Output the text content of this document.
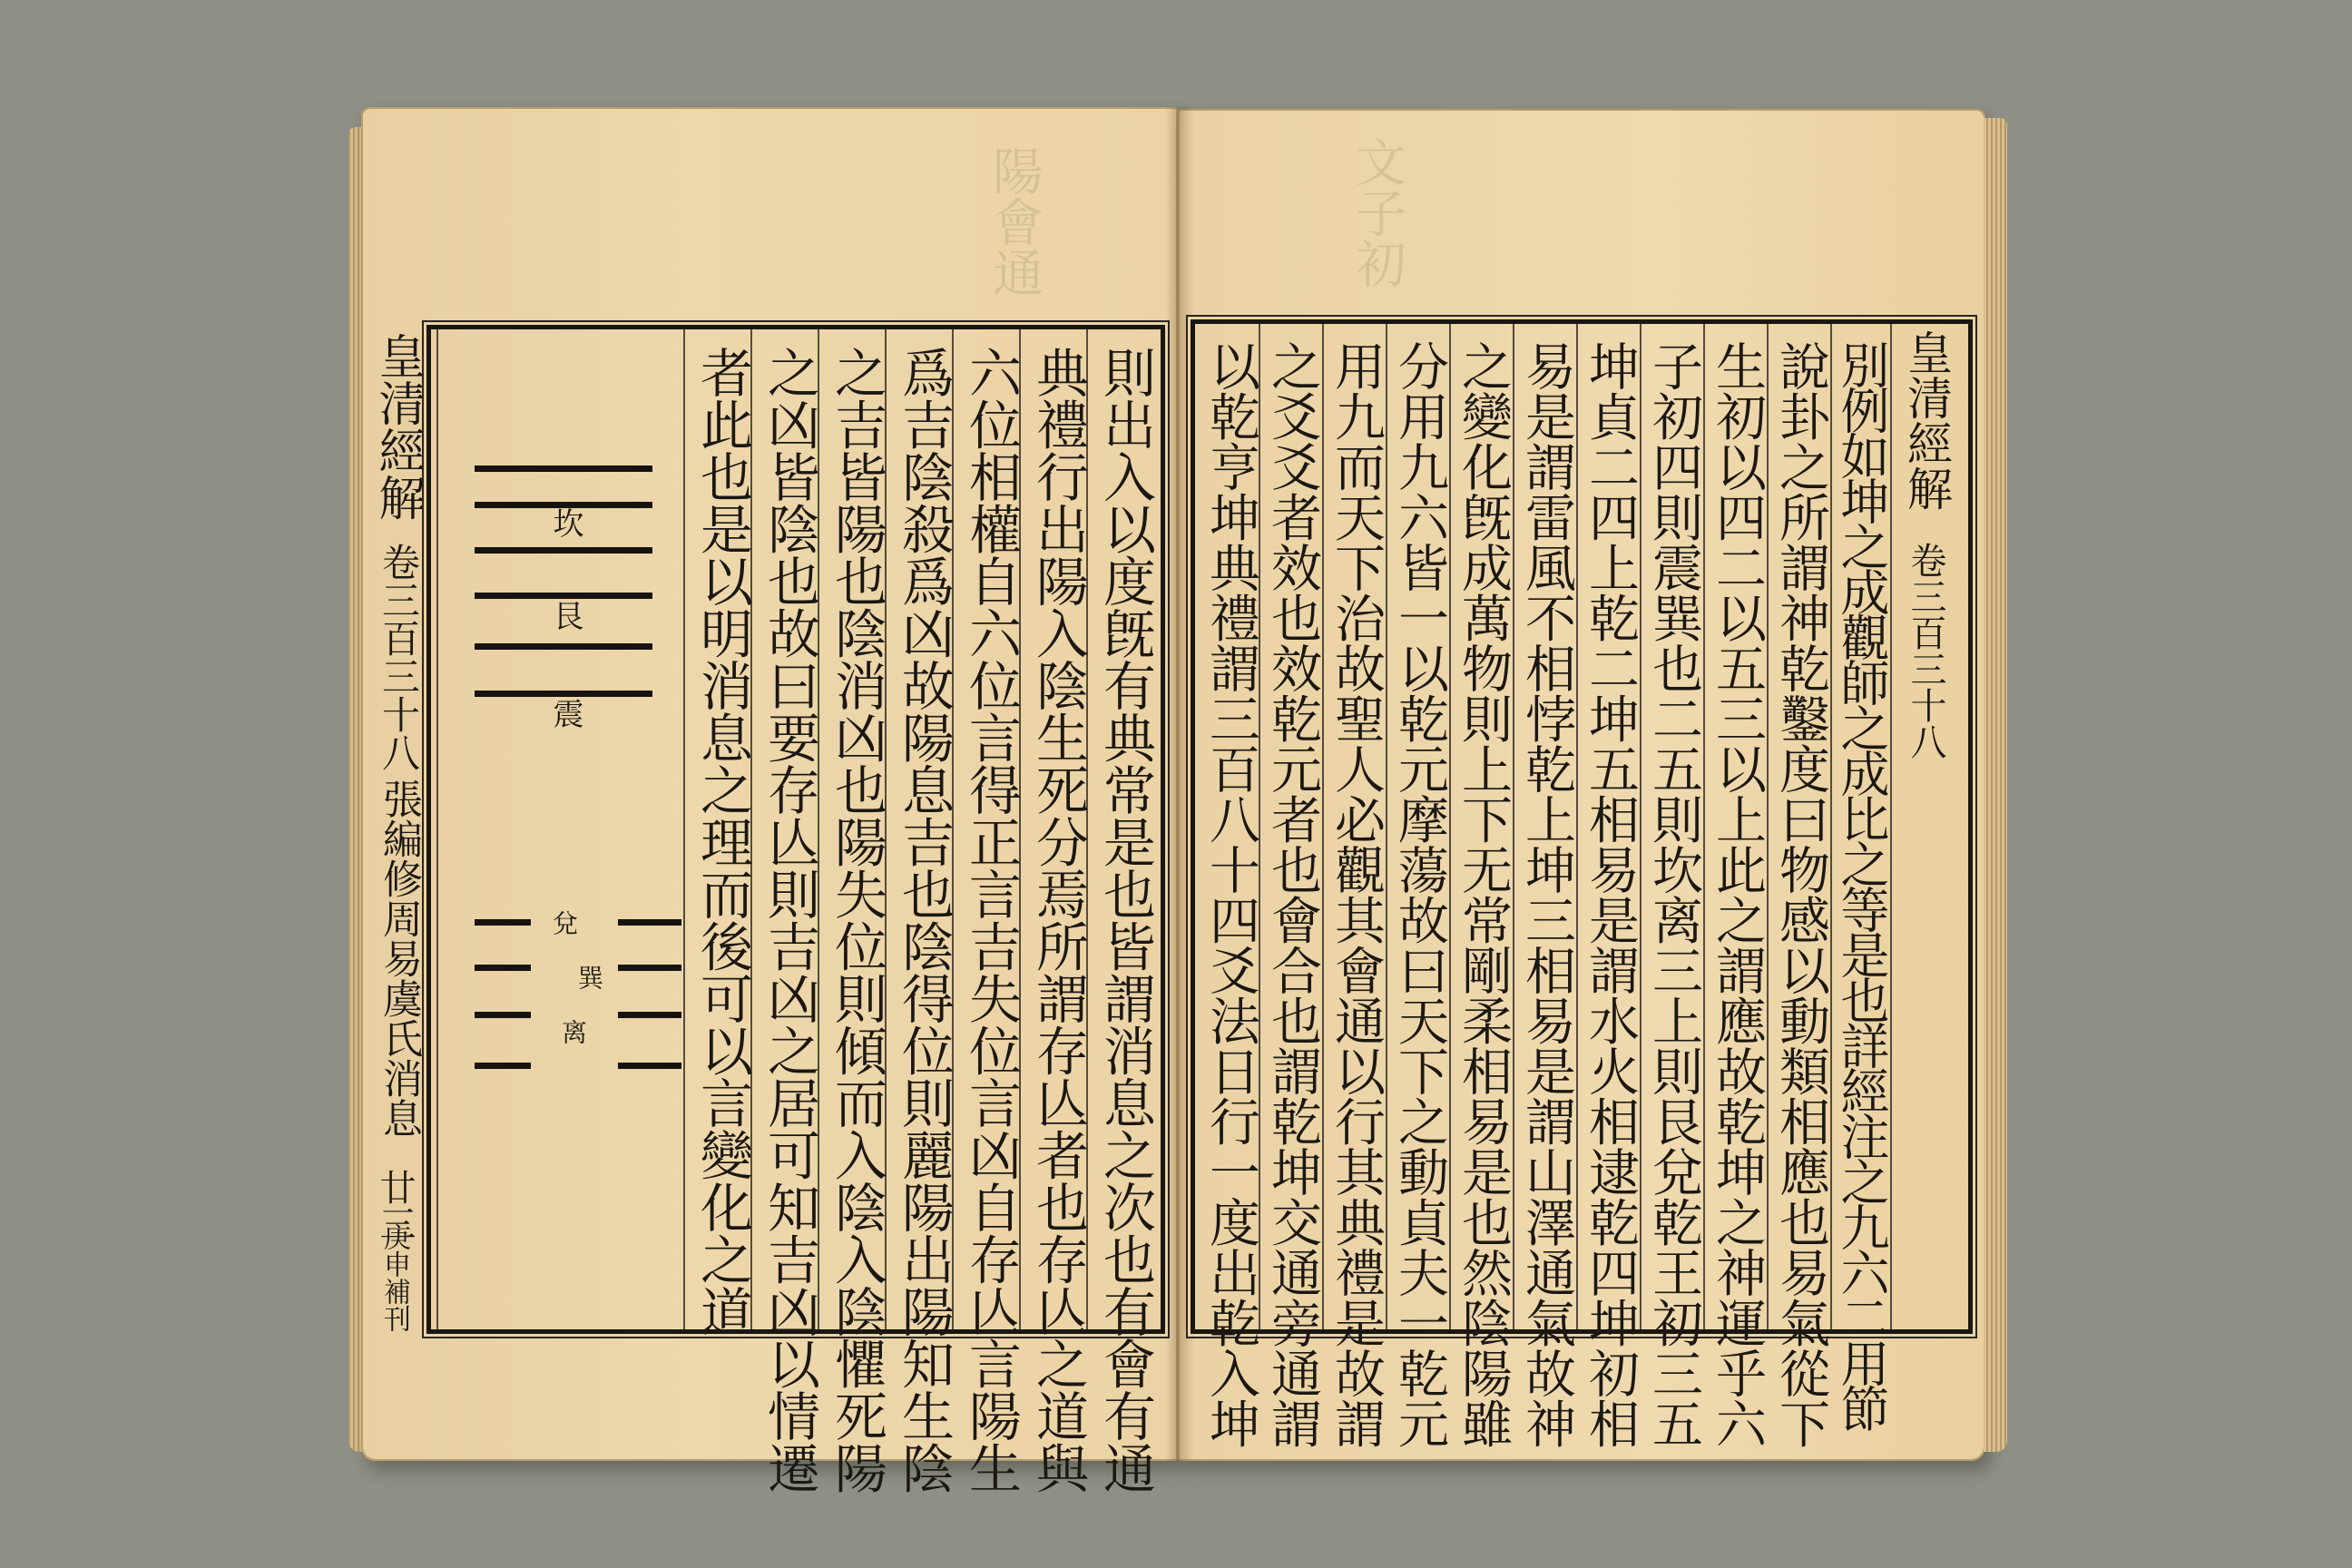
文子初
陽會通
皇清經解
卷三百三十八
張編修周易虞氏消息
廿三
庚申補刊	則出入以度旣有典常是也皆謂消息之次也有會有通
典禮行出陽入陰生死分焉所謂存亾者也存亾之道與
六位相權自六位言得正言吉失位言凶自存亾言陽生
爲吉陰殺爲凶故陽息吉也陰得位則麗陽出陽知生陰
之吉皆陽也陰消凶也陽失位則傾而入陰入陰懼死陽
之凶皆陰也故曰要存亾則吉凶之居可知吉凶以情遷
者此也是以明消息之理而後可以言變化之道
坎
艮
震
兌
巽
离	別例如坤之成觀師之成比之等是也詳經注之九六二用節
說卦之所謂神乾鑿度曰物感以動類相應也易氣從下
生初以四二以五三以上此之謂應故乾坤之神運乎六
子初四則震巽也二五則坎离三上則艮兌乾王初三五
坤貞二四上乾二坤五相易是謂水火相逮乾四坤初相
易是謂雷風不相悖乾上坤三相易是謂山澤通氣故神
之變化旣成萬物則上下无常剛柔相易是也然陰陽雖
分用九六皆一以乾元摩蕩故曰天下之動貞夫一乾元
用九而天下治故聖人必觀其會通以行其典禮是故謂
之爻爻者效也效乾元者也會合也謂乾坤交通旁通謂
以乾亨坤典禮謂三百八十四爻法日行一度出乾入坤	皇清經解
卷三百三十八
